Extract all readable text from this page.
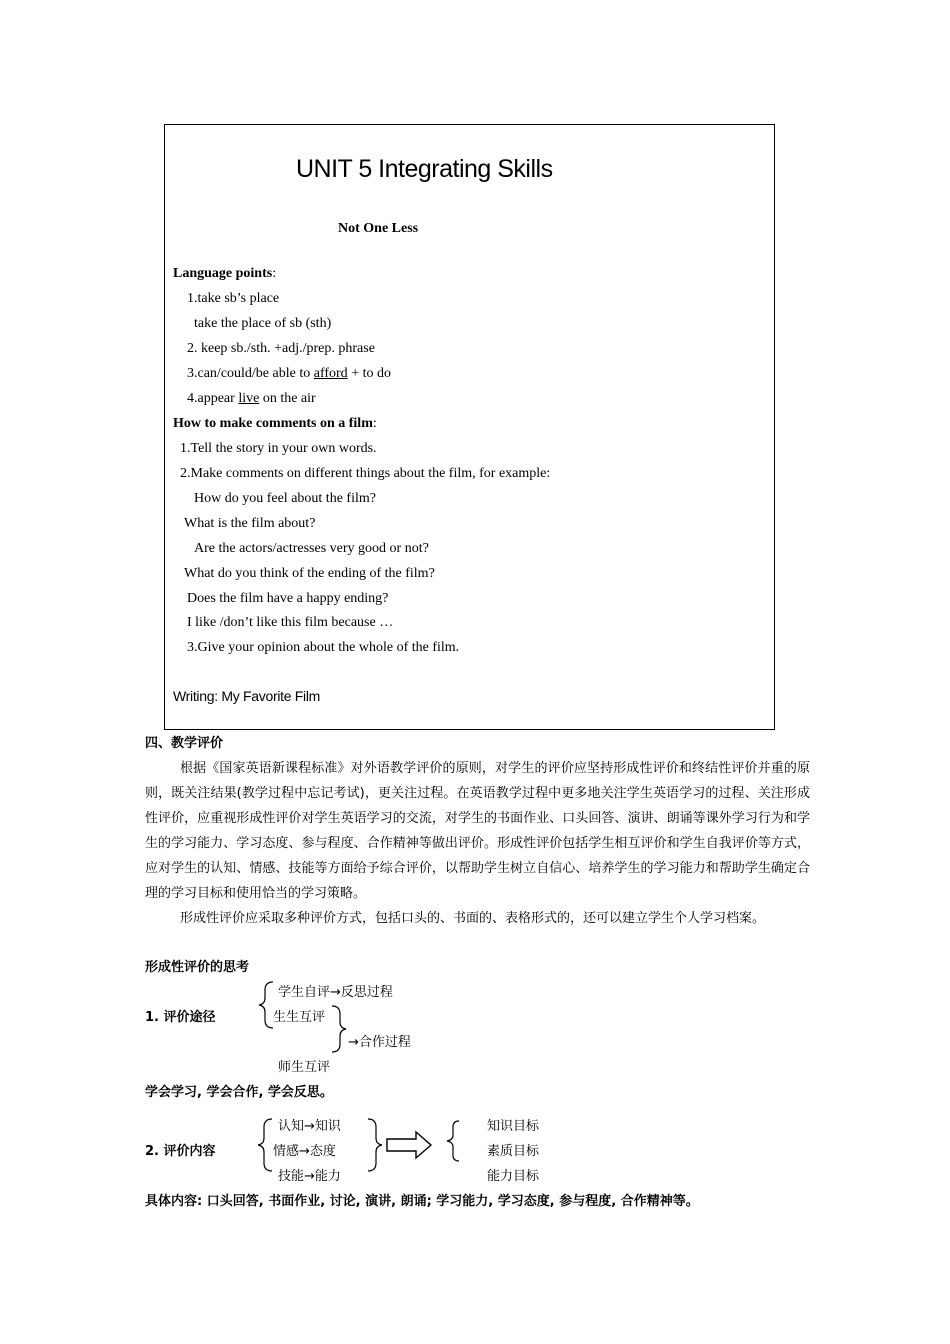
UNIT 5 Integrating Skills
Not One Less
Language points:
1.take sb’s place
take the place of sb (sth)
2. keep sb./sth. +adj./prep. phrase
3.can/could/be able to afford + to do
4.appear live on the air
How to make comments on a film:
1.Tell the story in your own words.
2.Make comments on different things about the film, for example:
How do you feel about the film?
What is the film about?
Are the actors/actresses very good or not?
What do you think of the ending of the film?
Does the film have a happy ending?
I like /don’t like this film because …
3.Give your opinion about the whole of the film.
Writing: My Favorite Film
四、教学评价
根据《国家英语新课程标准》对外语教学评价的原则，对学生的评价应坚持形成性评价和终结性评价并重的原则，既关注结果(教学过程中忘记考试)，更关注过程。在英语教学过程中更多地关注学生英语学习的过程、关注形成性评价，应重视形成性评价对学生英语学习的交流，对学生的书面作业、口头回答、演讲、朗诵等课外学习行为和学生的学习能力、学习态度、参与程度、合作精神等做出评价。形成性评价包括学生相互评价和学生自我评价等方式，应对学生的认知、情感、技能等方面给予综合评价，以帮助学生树立自信心、培养学生的学习能力和帮助学生确定合理的学习目标和使用恰当的学习策略。
形成性评价应采取多种评价方式，包括口头的、书面的、表格形式的，还可以建立学生个人学习档案。
形成性评价的思考
学生自评→反思过程
1. 评价途径	生生互评
→合作过程
师生互评
学会学习, 学会合作, 学会反思。
认知→知识
2. 评价内容	情感→态度
技能→能力
知识目标
素质目标
能力目标
具体内容: 口头回答, 书面作业, 讨论, 演讲, 朗诵; 学习能力, 学习态度, 参与程度, 合作精神等。
